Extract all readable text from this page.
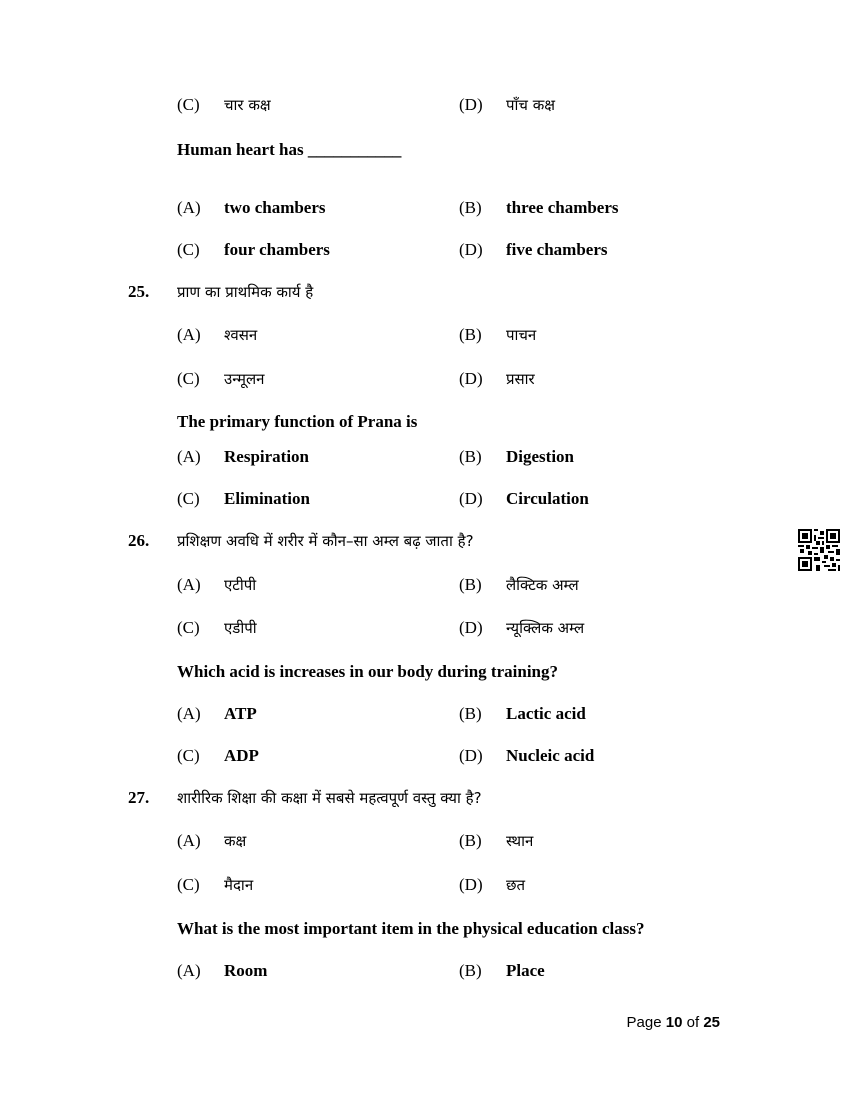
(C) चार कक्ष	(D) पाँच कक्ष
Human heart has ___________
(A) two chambers	(B) three chambers
(C) four chambers	(D) five chambers
25. प्राण का प्राथमिक कार्य है
(A) श्वसन	(B) पाचन
(C) उन्मूलन	(D) प्रसार
The primary function of Prana is
(A) Respiration	(B) Digestion
(C) Elimination	(D) Circulation
26. प्रशिक्षण अवधि में शरीर में कौन–सा अम्ल बढ़ जाता है?
(A) एटीपी	(B) लैक्टिक अम्ल
(C) एडीपी	(D) न्यूक्लिक अम्ल
Which acid is increases in our body during training?
(A) ATP	(B) Lactic acid
(C) ADP	(D) Nucleic acid
27. शारीरिक शिक्षा की कक्षा में सबसे महत्वपूर्ण वस्तु क्या है?
(A) कक्ष	(B) स्थान
(C) मैदान	(D) छत
What is the most important item in the physical education class?
(A) Room	(B) Place
Page 10 of 25
